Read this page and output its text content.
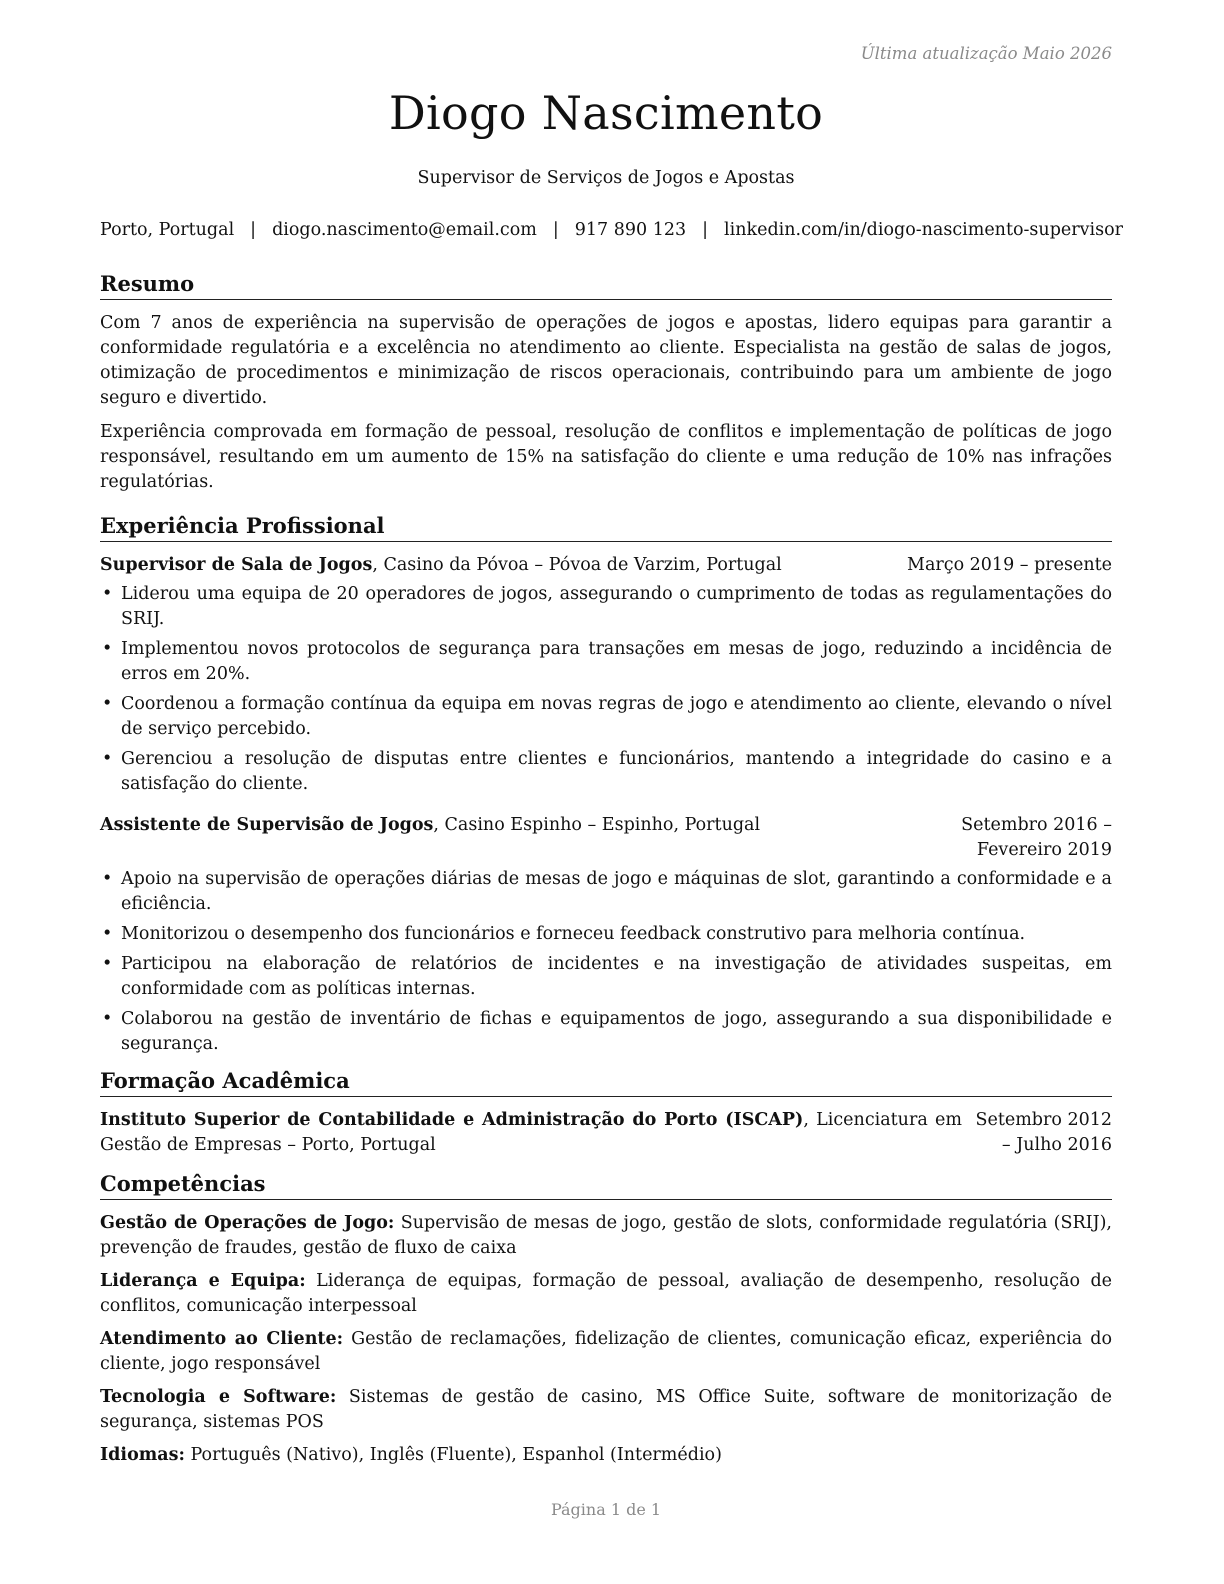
Última atualização Maio 2026
Diogo Nascimento
Supervisor de Serviços de Jogos e Apostas
Porto, Portugal | diogo.nascimento@email.com | 917 890 123 | linkedin.com/in/diogo-nascimento-supervisor
Resumo

Com 7 anos de experiência na supervisão de operações de jogos e apostas, lidero equipas para garantir a conformidade regulatória e a excelência no atendimento ao cliente. Especialista na gestão de salas de jogos, otimização de procedimentos e minimização de riscos operacionais, contribuindo para um ambiente de jogo seguro e divertido.

Experiência comprovada em formação de pessoal, resolução de conflitos e implementação de políticas de jogo responsável, resultando em um aumento de 15% na satisfação do cliente e uma redução de 10% nas infrações regulatórias.

Experiência Profissional
Supervisor de Sala de Jogos, Casino da Póvoa – Póvoa de Varzim, Portugal	Março 2019 – presente
• Liderou uma equipa de 20 operadores de jogos, assegurando o cumprimento de todas as regulamentações do SRIJ.
• Implementou novos protocolos de segurança para transações em mesas de jogo, reduzindo a incidência de erros em 20%.
• Coordenou a formação contínua da equipa em novas regras de jogo e atendimento ao cliente, elevando o nível de serviço percebido.
• Gerenciou a resolução de disputas entre clientes e funcionários, mantendo a integridade do casino e a satisfação do cliente.
Assistente de Supervisão de Jogos, Casino Espinho – Espinho, Portugal	Setembro 2016 – Fevereiro 2019
• Apoio na supervisão de operações diárias de mesas de jogo e máquinas de slot, garantindo a conformidade e a eficiência.
• Monitorizou o desempenho dos funcionários e forneceu feedback construtivo para melhoria contínua.
• Participou na elaboração de relatórios de incidentes e na investigação de atividades suspeitas, em conformidade com as políticas internas.
• Colaborou na gestão de inventário de fichas e equipamentos de jogo, assegurando a sua disponibilidade e segurança.
Formação Acadêmica
Instituto Superior de Contabilidade e Administração do Porto (ISCAP), Licenciatura em Gestão de Empresas – Porto, Portugal
Setembro 2012 – Julho 2016
Competências
Gestão de Operações de Jogo: Supervisão de mesas de jogo, gestão de slots, conformidade regulatória (SRIJ), prevenção de fraudes, gestão de fluxo de caixa
Liderança e Equipa: Liderança de equipas, formação de pessoal, avaliação de desempenho, resolução de conflitos, comunicação interpessoal
Atendimento ao Cliente: Gestão de reclamações, fidelização de clientes, comunicação eficaz, experiência do cliente, jogo responsável
Tecnologia e Software: Sistemas de gestão de casino, MS Office Suite, software de monitorização de segurança, sistemas POS
Idiomas: Português (Nativo), Inglês (Fluente), Espanhol (Intermédio)
Página 1 de 1
